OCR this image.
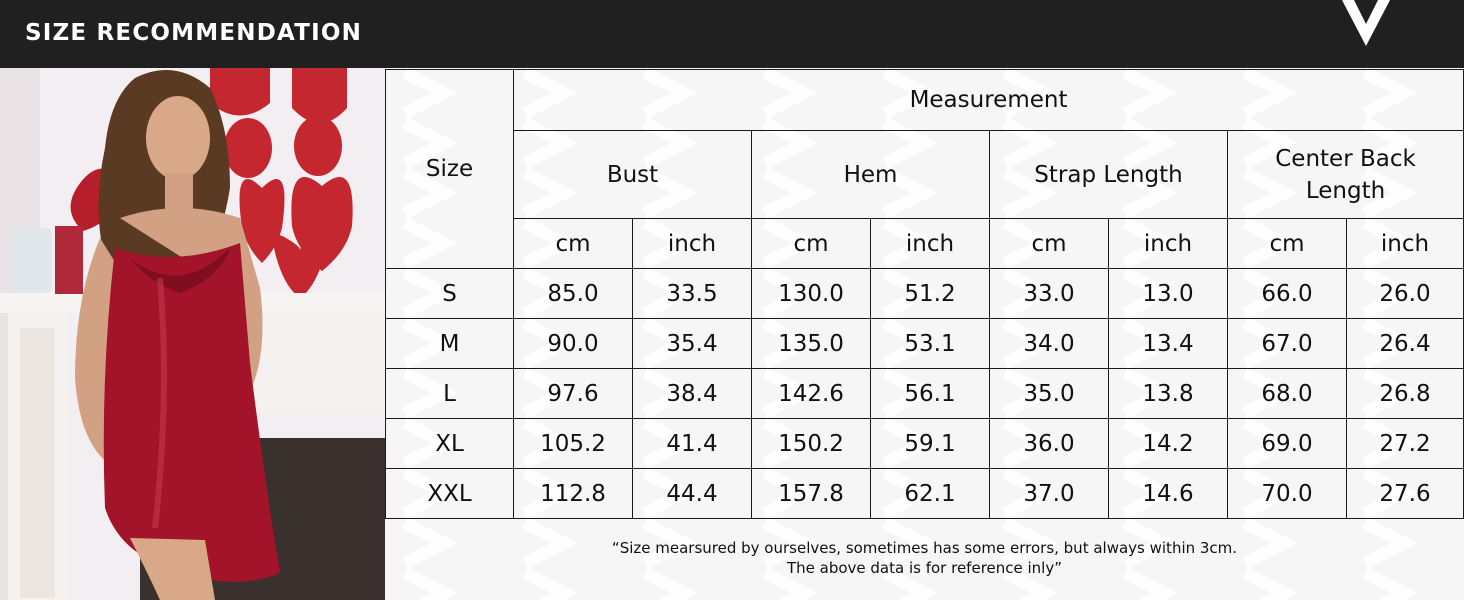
SIZE RECOMMENDATION
Size	Measurement							
	Bust		Hem		Strap Length		Center Back
Length	

	cm	inch	cm	inch	cm	inch	cm	inch
S	85.0	33.5	130.0	51.2	33.0	13.0	66.0	26.0
M	90.0	35.4	135.0	53.1	34.0	13.4	67.0	26.4
L	97.6	38.4	142.6	56.1	35.0	13.8	68.0	26.8
XL	105.2	41.4	150.2	59.1	36.0	14.2	69.0	27.2
XXL	112.8	44.4	157.8	62.1	37.0	14.6	70.0	27.6
“Size mearsured by ourselves, sometimes has some errors, but always within 3cm.
The above data is for reference inly”
